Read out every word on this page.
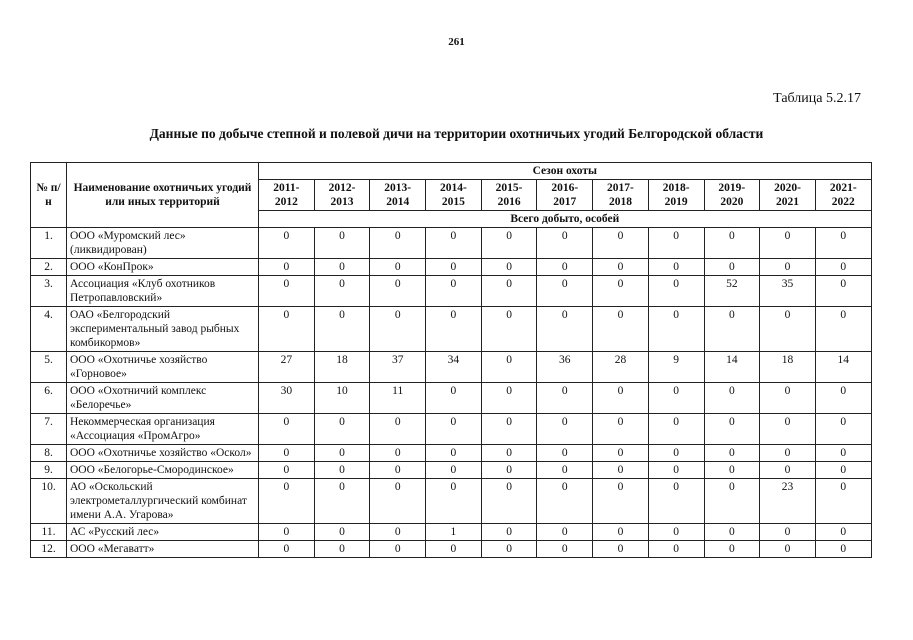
261
Таблица 5.2.17
Данные по добыче степной и полевой дичи на территории охотничьих угодий Белгородской области
№ п/н	Наименование охотничьих угодий или иных территорий	Сезон охоты										
		2011-2012	2012-2013	2013-2014	2014-2015	2015-2016	2016-2017	2017-2018	2018-2019	2019-2020	2020-2021	2021-2022
		Всего добыто, особей										
1.	ООО «Муромский лес» (ликвидирован)	0	0	0	0	0	0	0	0	0	0	0
2.	ООО «КонПрок»	0	0	0	0	0	0	0	0	0	0	0
3.	Ассоциация «Клуб охотников Петропавловский»	0	0	0	0	0	0	0	0	52	35	0
4.	ОАО «Белгородский экспериментальный завод рыбных комбикормов»	0	0	0	0	0	0	0	0	0	0	0
5.	ООО «Охотничье хозяйство «Горновое»	27	18	37	34	0	36	28	9	14	18	14
6.	ООО «Охотничий комплекс «Белоречье»	30	10	11	0	0	0	0	0	0	0	0
7.	Некоммерческая организация «Ассоциация «ПромАгро»	0	0	0	0	0	0	0	0	0	0	0
8.	ООО «Охотничье хозяйство «Оскол»	0	0	0	0	0	0	0	0	0	0	0
9.	ООО «Белогорье-Смородинское»	0	0	0	0	0	0	0	0	0	0	0
10.	АО «Оскольский электрометаллургический комбинат имени А.А. Угарова»	0	0	0	0	0	0	0	0	0	23	0
11.	АС «Русский лес»	0	0	0	1	0	0	0	0	0	0	0
12.	ООО «Мегаватт»	0	0	0	0	0	0	0	0	0	0	0
